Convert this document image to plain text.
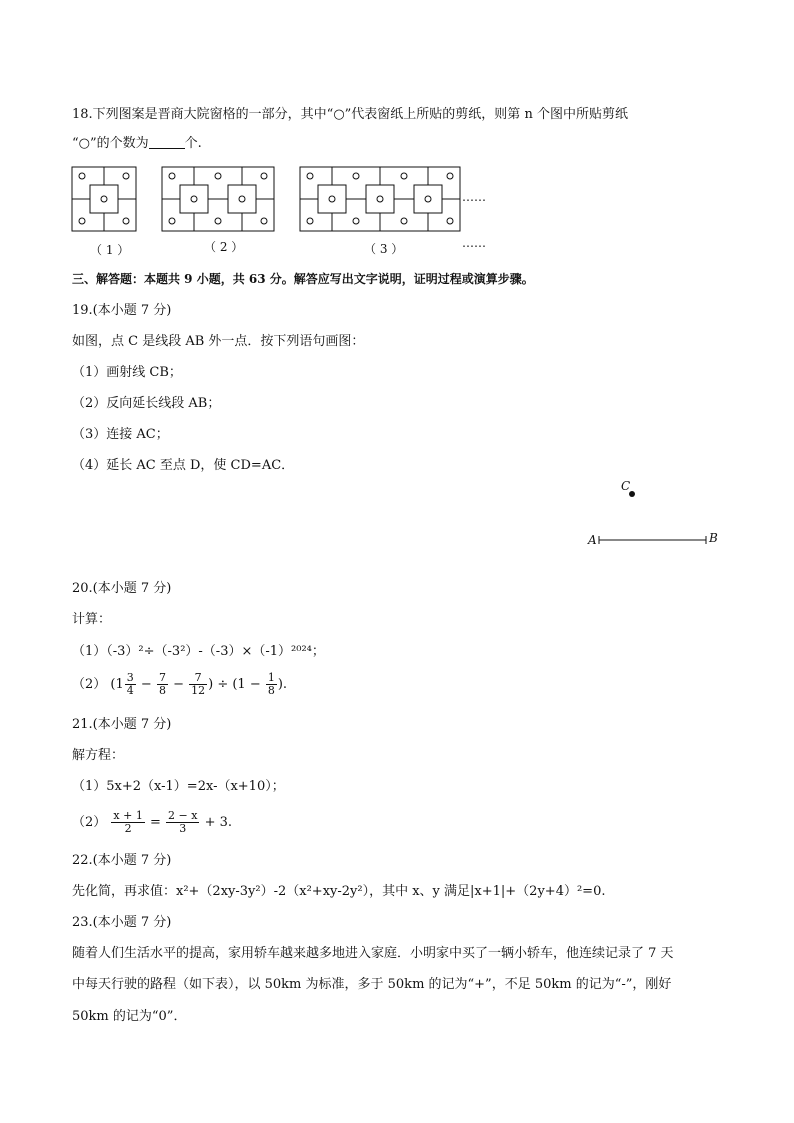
18.下列图案是晋商大院窗格的一部分，其中“○”代表窗纸上所贴的剪纸，则第 n 个图中所贴剪纸
“○”的个数为	个.
……
（ 1 ）	（ 2 ）	（ 3 ）	……
三、解答题：本题共 9 小题，共 63 分。解答应写出文字说明，证明过程或演算步骤。
19.(本小题 7 分)
如图，点 C 是线段 AB 外一点．按下列语句画图：
（1）画射线 CB；
（2）反向延长线段 AB；
（3）连接 AC；
（4）延长 AC 至点 D，使 CD=AC．
C
A	B
20.(本小题 7 分)
计算：
（1）（-3）²÷（-3²）-（-3）×（-1）²⁰²⁴；
（2） ($1 \frac{3}{4} - \frac{7}{8} - \frac{7}{12}$ ) ÷ ($1 - \frac{1}{8}$ ).
21.(本小题 7 分)
解方程：
（1）5x+2（x-1）=2x-（x+10）；
$(2) \frac{x + 1}{2} = \frac{2 - x}{3} + 3$.
22.(本小题 7 分)
先化简，再求值：x²+（2xy-3y²）-2（x²+xy-2y²），其中 x、y 满足|x+1|+（2y+4）²=0.
23.(本小题 7 分)
随着人们生活水平的提高，家用轿车越来越多地进入家庭．小明家中买了一辆小轿车，他连续记录了 7 天
中每天行驶的路程（如下表），以 50km 为标准，多于 50km 的记为“+”，不足 50km 的记为“-”，刚好
50km 的记为“0”．
